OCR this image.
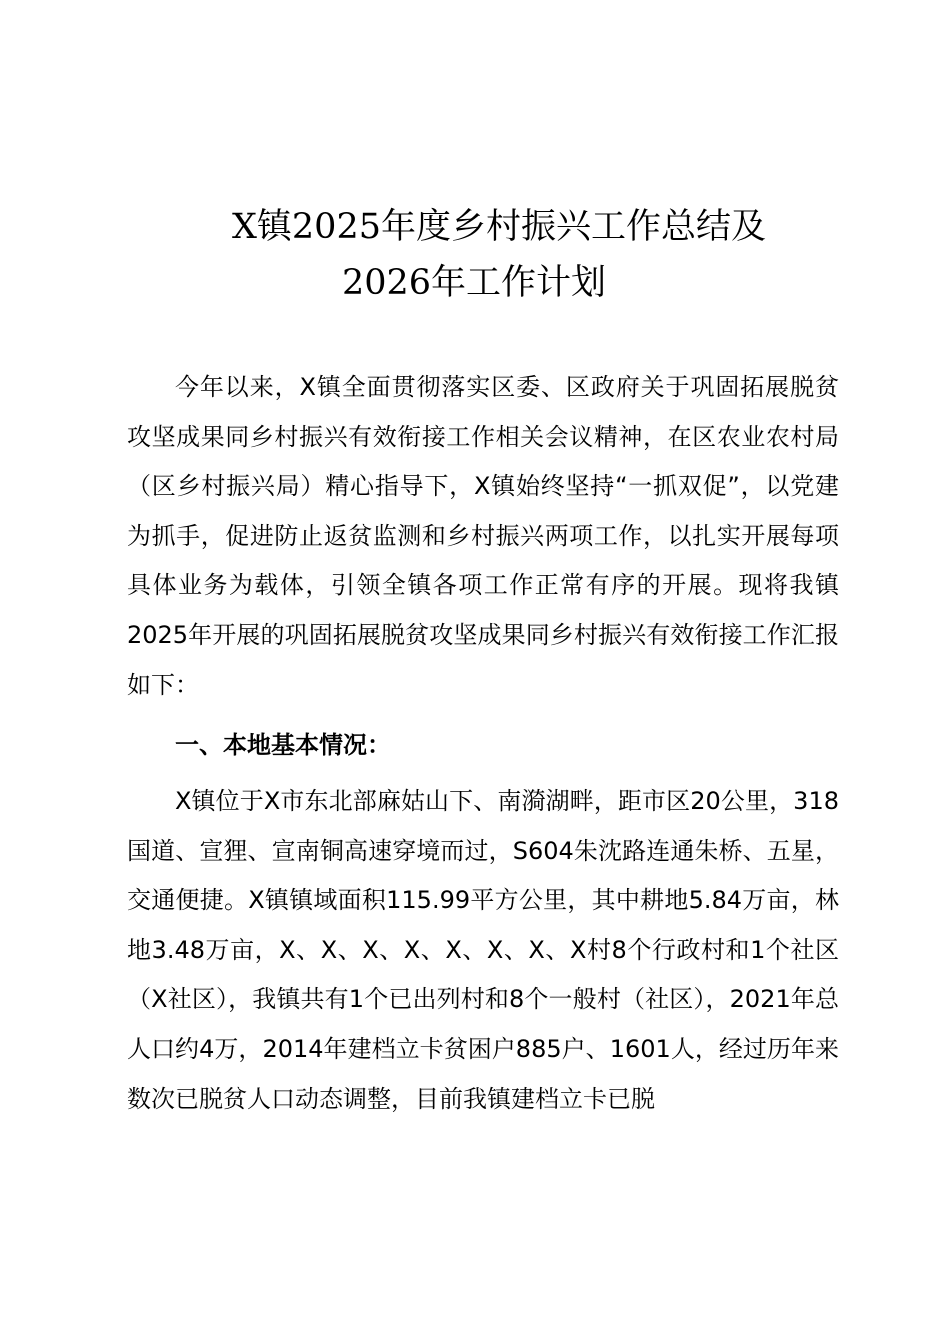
X镇2025年度乡村振兴工作总结及
2026年工作计划

今年以来，X镇全面贯彻落实区委、区政府关于巩固拓展脱贫攻坚成果同乡村振兴有效衔接工作相关会议精神，在区农业农村局（区乡村振兴局）精心指导下，X镇始终坚持“一抓双促”，以党建为抓手，促进防止返贫监测和乡村振兴两项工作，以扎实开展每项具体业务为载体，引领全镇各项工作正常有序的开展。现将我镇2025年开展的巩固拓展脱贫攻坚成果同乡村振兴有效衔接工作汇报如下：

一、本地基本情况：

X镇位于X市东北部麻姑山下、南漪湖畔，距市区20公里，318国道、宣狸、宣南铜高速穿境而过，S604朱沈路连通朱桥、五星，交通便捷。X镇镇域面积115.99平方公里，其中耕地5.84万亩，林地3.48万亩，X、X、X、X、X、X、X、X村8个行政村和1个社区（X社区），我镇共有1个已出列村和8个一般村（社区），2021年总人口约4万，2014年建档立卡贫困户885户、1601人，经过历年来数次已脱贫人口动态调整，目前我镇建档立卡已脱
